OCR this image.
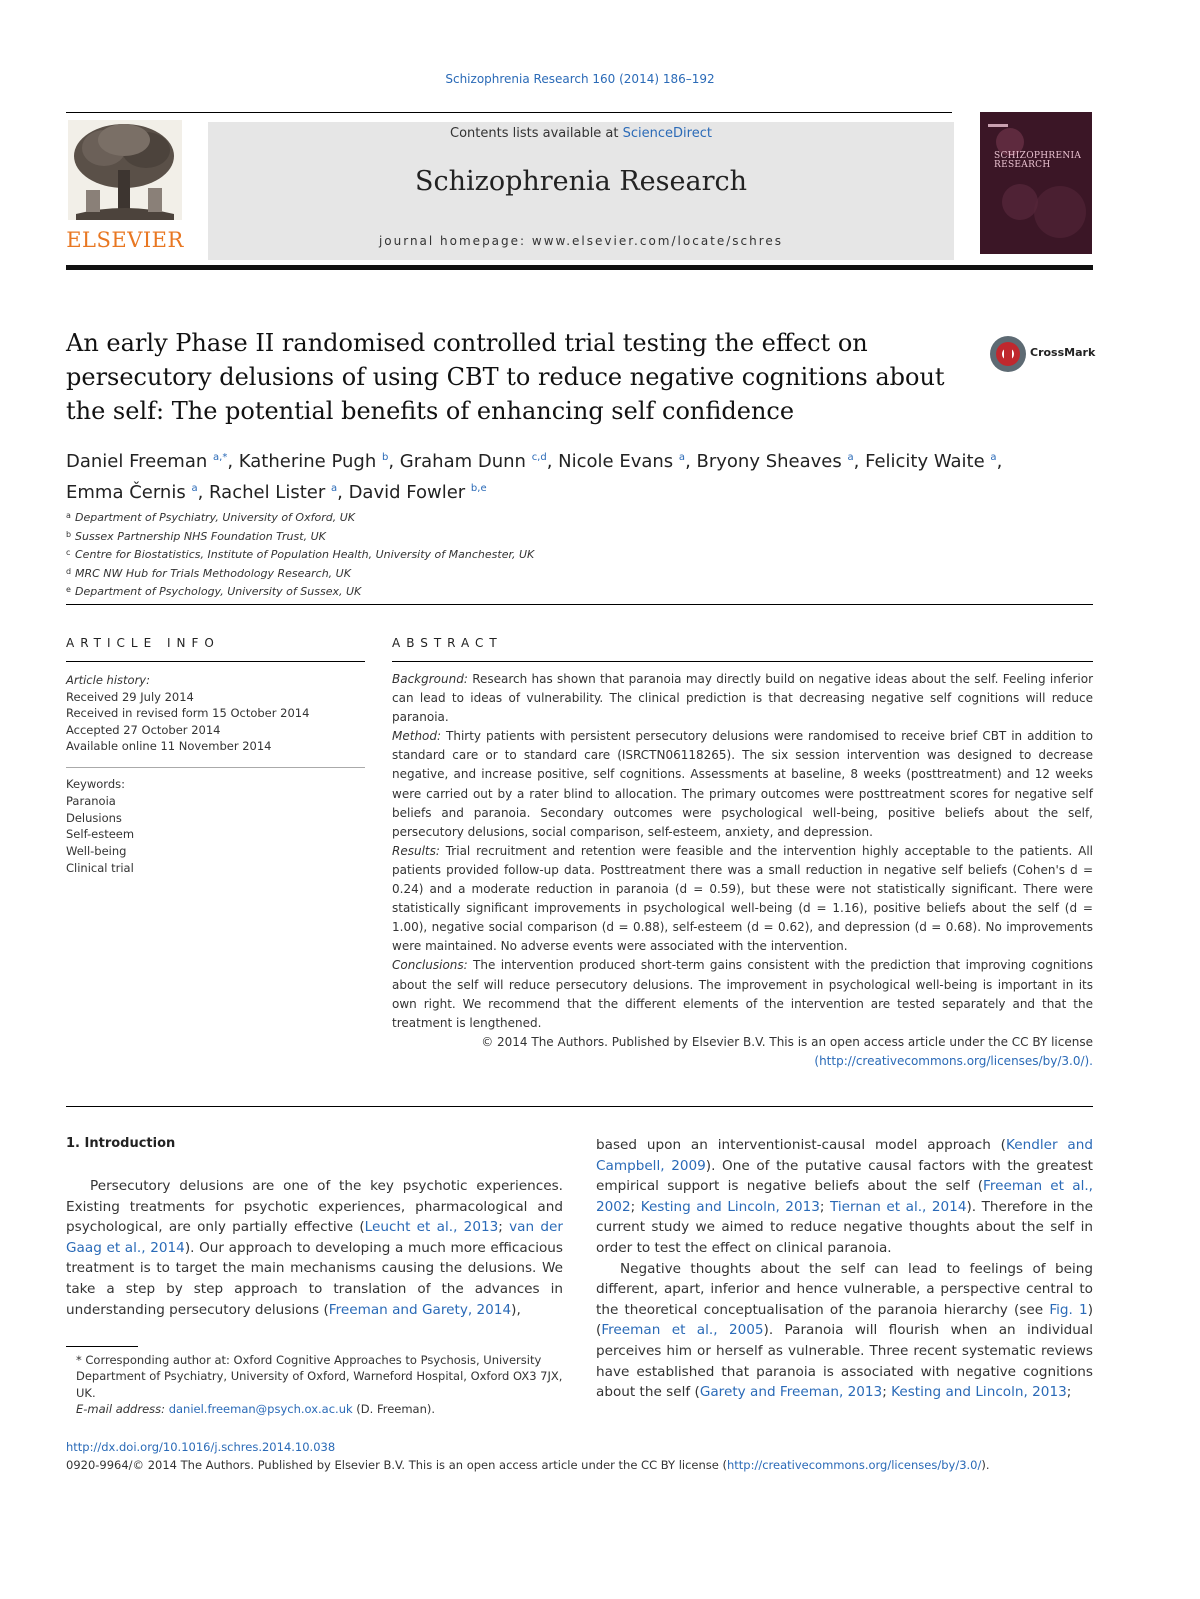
Schizophrenia Research 160 (2014) 186–192
ELSEVIER
Contents lists available at ScienceDirect
Schizophrenia Research
journal homepage: www.elsevier.com/locate/schres
SCHIZOPHRENIA RESEARCH
An early Phase II randomised controlled trial testing the effect on persecutory delusions of using CBT to reduce negative cognitions about the self: The potential benefits of enhancing self confidence
CrossMark
Daniel Freeman $^{a,*}$, Katherine Pugh $^b$, Graham Dunn $^{c,d}$, Nicole Evans $^a$, Bryony Sheaves $^a$, Felicity Waite $^a$,
Emma Černis $^a$, Rachel Lister $^a$, David Fowler $^{b,e}$
a Department of Psychiatry, University of Oxford, UK
b Sussex Partnership NHS Foundation Trust, UK
c Centre for Biostatistics, Institute of Population Health, University of Manchester, UK
d MRC NW Hub for Trials Methodology Research, UK
e Department of Psychology, University of Sussex, UK
ARTICLE INFO
Article history:
Received 29 July 2014
Received in revised form 15 October 2014
Accepted 27 October 2014
Available online 11 November 2014
Keywords:
Paranoia
Delusions
Self-esteem
Well-being
Clinical trial
ABSTRACT

Background: Research has shown that paranoia may directly build on negative ideas about the self. Feeling inferior can lead to ideas of vulnerability. The clinical prediction is that decreasing negative self cognitions will reduce paranoia.

Method: Thirty patients with persistent persecutory delusions were randomised to receive brief CBT in addition to standard care or to standard care (ISRCTN06118265). The six session intervention was designed to decrease negative, and increase positive, self cognitions. Assessments at baseline, 8 weeks (posttreatment) and 12 weeks were carried out by a rater blind to allocation. The primary outcomes were posttreatment scores for negative self beliefs and paranoia. Secondary outcomes were psychological well-being, positive beliefs about the self, persecutory delusions, social comparison, self-esteem, anxiety, and depression.

Results: Trial recruitment and retention were feasible and the intervention highly acceptable to the patients. All patients provided follow-up data. Posttreatment there was a small reduction in negative self beliefs (Cohen's d = 0.24) and a moderate reduction in paranoia (d = 0.59), but these were not statistically significant. There were statistically significant improvements in psychological well-being (d = 1.16), positive beliefs about the self (d = 1.00), negative social comparison (d = 0.88), self-esteem (d = 0.62), and depression (d = 0.68). No improvements were maintained. No adverse events were associated with the intervention.

Conclusions: The intervention produced short-term gains consistent with the prediction that improving cognitions about the self will reduce persecutory delusions. The improvement in psychological well-being is important in its own right. We recommend that the different elements of the intervention are tested separately and that the treatment is lengthened.

© 2014 The Authors. Published by Elsevier B.V. This is an open access article under the CC BY license
(http://creativecommons.org/licenses/by/3.0/).

1. Introduction

Persecutory delusions are one of the key psychotic experiences. Existing treatments for psychotic experiences, pharmacological and psychological, are only partially effective (Leucht et al., 2013; van der Gaag et al., 2014). Our approach to developing a much more efficacious treatment is to target the main mechanisms causing the delusions. We take a step by step approach to translation of the advances in understanding persecutory delusions (Freeman and Garety, 2014),

based upon an interventionist-causal model approach (Kendler and Campbell, 2009). One of the putative causal factors with the greatest empirical support is negative beliefs about the self (Freeman et al., 2002; Kesting and Lincoln, 2013; Tiernan et al., 2014). Therefore in the current study we aimed to reduce negative thoughts about the self in order to test the effect on clinical paranoia.

Negative thoughts about the self can lead to feelings of being different, apart, inferior and hence vulnerable, a perspective central to the theoretical conceptualisation of the paranoia hierarchy (see Fig. 1) (Freeman et al., 2005). Paranoia will flourish when an individual perceives him or herself as vulnerable. Three recent systematic reviews have established that paranoia is associated with negative cognitions about the self (Garety and Freeman, 2013; Kesting and Lincoln, 2013;

* Corresponding author at: Oxford Cognitive Approaches to Psychosis, University Department of Psychiatry, University of Oxford, Warneford Hospital, Oxford OX3 7JX, UK.
E-mail address: daniel.freeman@psych.ox.ac.uk (D. Freeman).
http://dx.doi.org/10.1016/j.schres.2014.10.038
0920-9964/© 2014 The Authors. Published by Elsevier B.V. This is an open access article under the CC BY license (http://creativecommons.org/licenses/by/3.0/).
